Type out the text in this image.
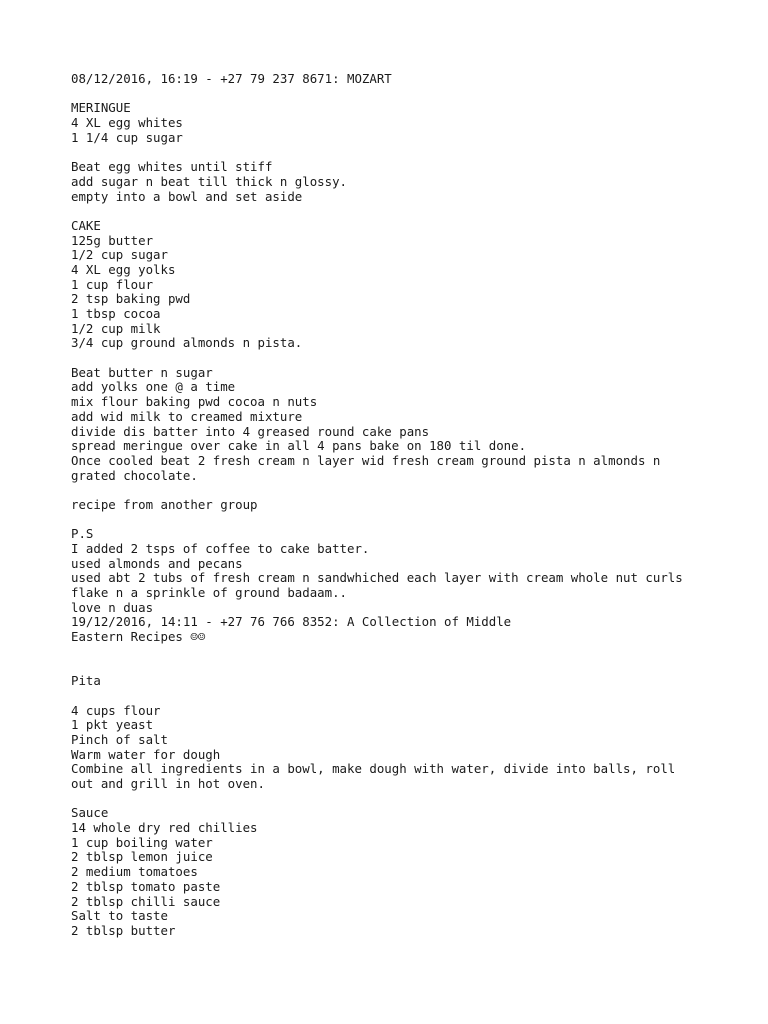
08/12/2016, 16:19 - +27 79 237 8671: MOZART
MERINGUE
4 XL egg whites
1 1/4 cup sugar
Beat egg whites until stiff
add sugar n beat till thick n glossy.
empty into a bowl and set aside
CAKE
125g butter
1/2 cup sugar
4 XL egg yolks
1 cup flour
2 tsp baking pwd
1 tbsp cocoa
1/2 cup milk
3/4 cup ground almonds n pista.
Beat butter n sugar
add yolks one @ a time
mix flour baking pwd cocoa n nuts
add wid milk to creamed mixture
divide dis batter into 4 greased round cake pans
spread meringue over cake in all 4 pans bake on 180 til done.
Once cooled beat 2 fresh cream n layer wid fresh cream ground pista n almonds n
grated chocolate.
recipe from another group
P.S
I added 2 tsps of coffee to cake batter.
used almonds and pecans
used abt 2 tubs of fresh cream n sandwhiched each layer with cream whole nut curls
flake n a sprinkle of ground badaam..
love n duas
19/12/2016, 14:11 - +27 76 766 8352: A Collection of Middle
Eastern Recipes ☺☺
Pita
4 cups flour
1 pkt yeast
Pinch of salt
Warm water for dough
Combine all ingredients in a bowl, make dough with water, divide into balls, roll
out and grill in hot oven.
Sauce
14 whole dry red chillies
1 cup boiling water
2 tblsp lemon juice
2 medium tomatoes
2 tblsp tomato paste
2 tblsp chilli sauce
Salt to taste
2 tblsp butter
